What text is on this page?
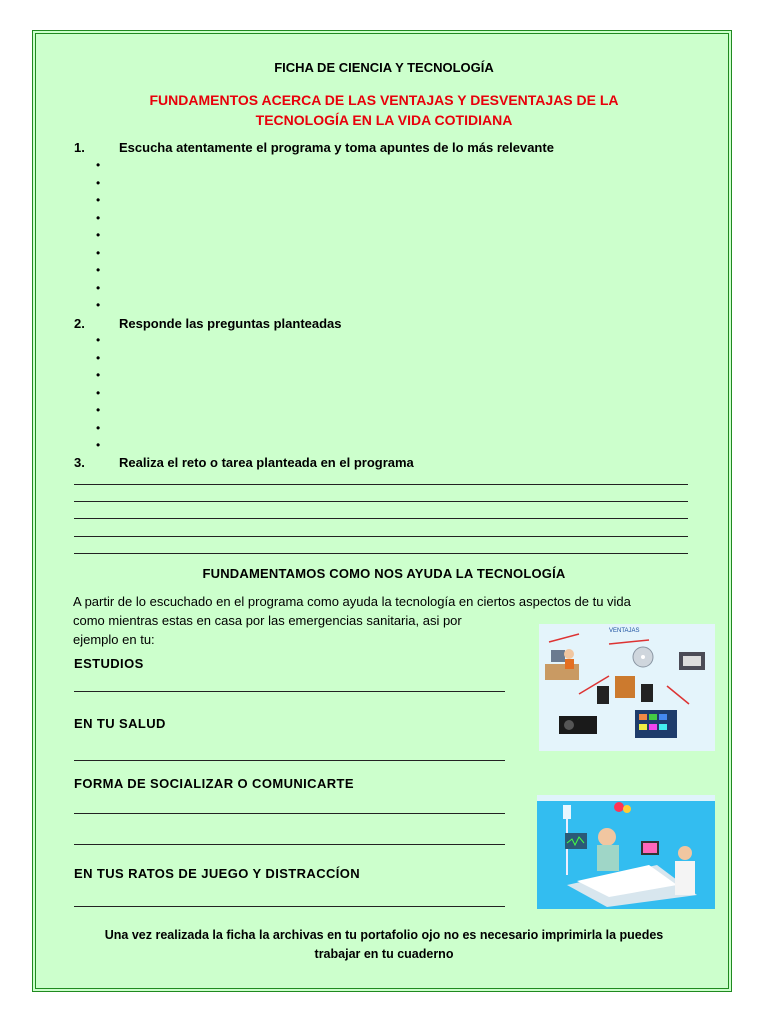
FICHA DE CIENCIA Y TECNOLOGÍA
FUNDAMENTOS ACERCA DE LAS VENTAJAS Y DESVENTAJAS DE LA
TECNOLOGÍA EN LA VIDA COTIDIANA
1.	Escucha atentamente el programa y toma apuntes de lo más relevante
•
•
•
•
•
•
•
•
•
2.	Responde las preguntas planteadas
•
•
•
•
•
•
•
3.	Realiza el reto o tarea planteada en el programa
FUNDAMENTAMOS COMO NOS AYUDA LA TECNOLOGÍA
A partir de lo escuchado en el programa como ayuda la tecnología en ciertos aspectos de tu vida
como mientras estas en casa por las emergencias sanitaria, asi por
ejemplo en tu:
ESTUDIOS
EN TU SALUD
FORMA DE SOCIALIZAR O COMUNICARTE
EN TUS RATOS DE JUEGO Y DISTRACCÍON
VENTAJAS
Una vez realizada la ficha la archivas en tu portafolio ojo no es necesario imprimirla la puedes
trabajar en tu cuaderno
